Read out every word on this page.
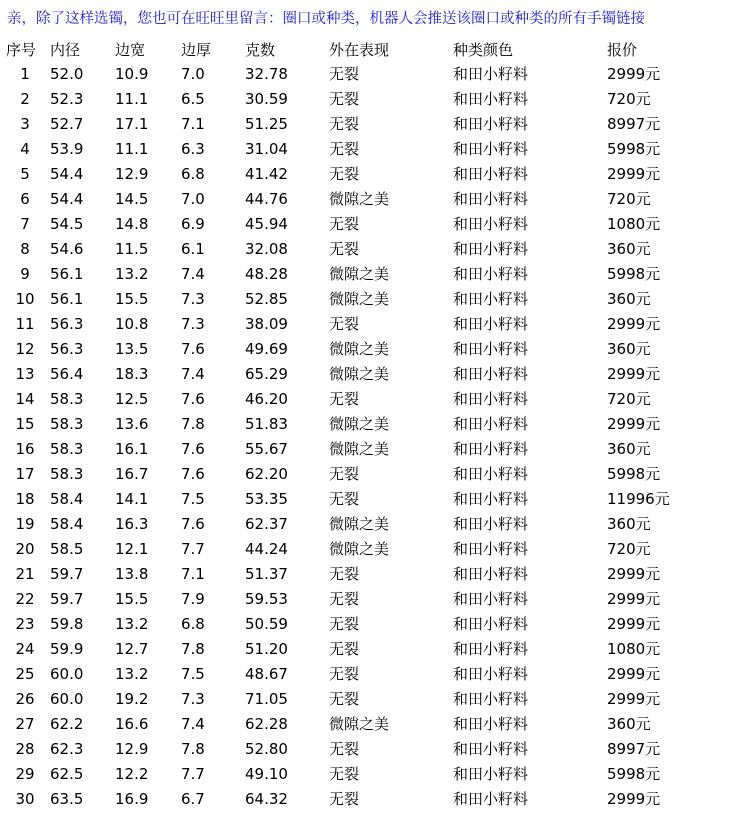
亲，除了这样选镯，您也可在旺旺里留言：圈口或种类，机器人会推送该圈口或种类的所有手镯链接
序号	内径	边宽	边厚	克数	外在表现	种类颜色	报价
1	52.0	10.9	7.0	32.78	无裂	和田小籽料	2999元
2	52.3	11.1	6.5	30.59	无裂	和田小籽料	720元
3	52.7	17.1	7.1	51.25	无裂	和田小籽料	8997元
4	53.9	11.1	6.3	31.04	无裂	和田小籽料	5998元
5	54.4	12.9	6.8	41.42	无裂	和田小籽料	2999元
6	54.4	14.5	7.0	44.76	微隙之美	和田小籽料	720元
7	54.5	14.8	6.9	45.94	无裂	和田小籽料	1080元
8	54.6	11.5	6.1	32.08	无裂	和田小籽料	360元
9	56.1	13.2	7.4	48.28	微隙之美	和田小籽料	5998元
10	56.1	15.5	7.3	52.85	微隙之美	和田小籽料	360元
11	56.3	10.8	7.3	38.09	无裂	和田小籽料	2999元
12	56.3	13.5	7.6	49.69	微隙之美	和田小籽料	360元
13	56.4	18.3	7.4	65.29	微隙之美	和田小籽料	2999元
14	58.3	12.5	7.6	46.20	无裂	和田小籽料	720元
15	58.3	13.6	7.8	51.83	微隙之美	和田小籽料	2999元
16	58.3	16.1	7.6	55.67	微隙之美	和田小籽料	360元
17	58.3	16.7	7.6	62.20	无裂	和田小籽料	5998元
18	58.4	14.1	7.5	53.35	无裂	和田小籽料	11996元
19	58.4	16.3	7.6	62.37	微隙之美	和田小籽料	360元
20	58.5	12.1	7.7	44.24	微隙之美	和田小籽料	720元
21	59.7	13.8	7.1	51.37	无裂	和田小籽料	2999元
22	59.7	15.5	7.9	59.53	无裂	和田小籽料	2999元
23	59.8	13.2	6.8	50.59	无裂	和田小籽料	2999元
24	59.9	12.7	7.8	51.20	无裂	和田小籽料	1080元
25	60.0	13.2	7.5	48.67	无裂	和田小籽料	2999元
26	60.0	19.2	7.3	71.05	无裂	和田小籽料	2999元
27	62.2	16.6	7.4	62.28	微隙之美	和田小籽料	360元
28	62.3	12.9	7.8	52.80	无裂	和田小籽料	8997元
29	62.5	12.2	7.7	49.10	无裂	和田小籽料	5998元
30	63.5	16.9	6.7	64.32	无裂	和田小籽料	2999元
